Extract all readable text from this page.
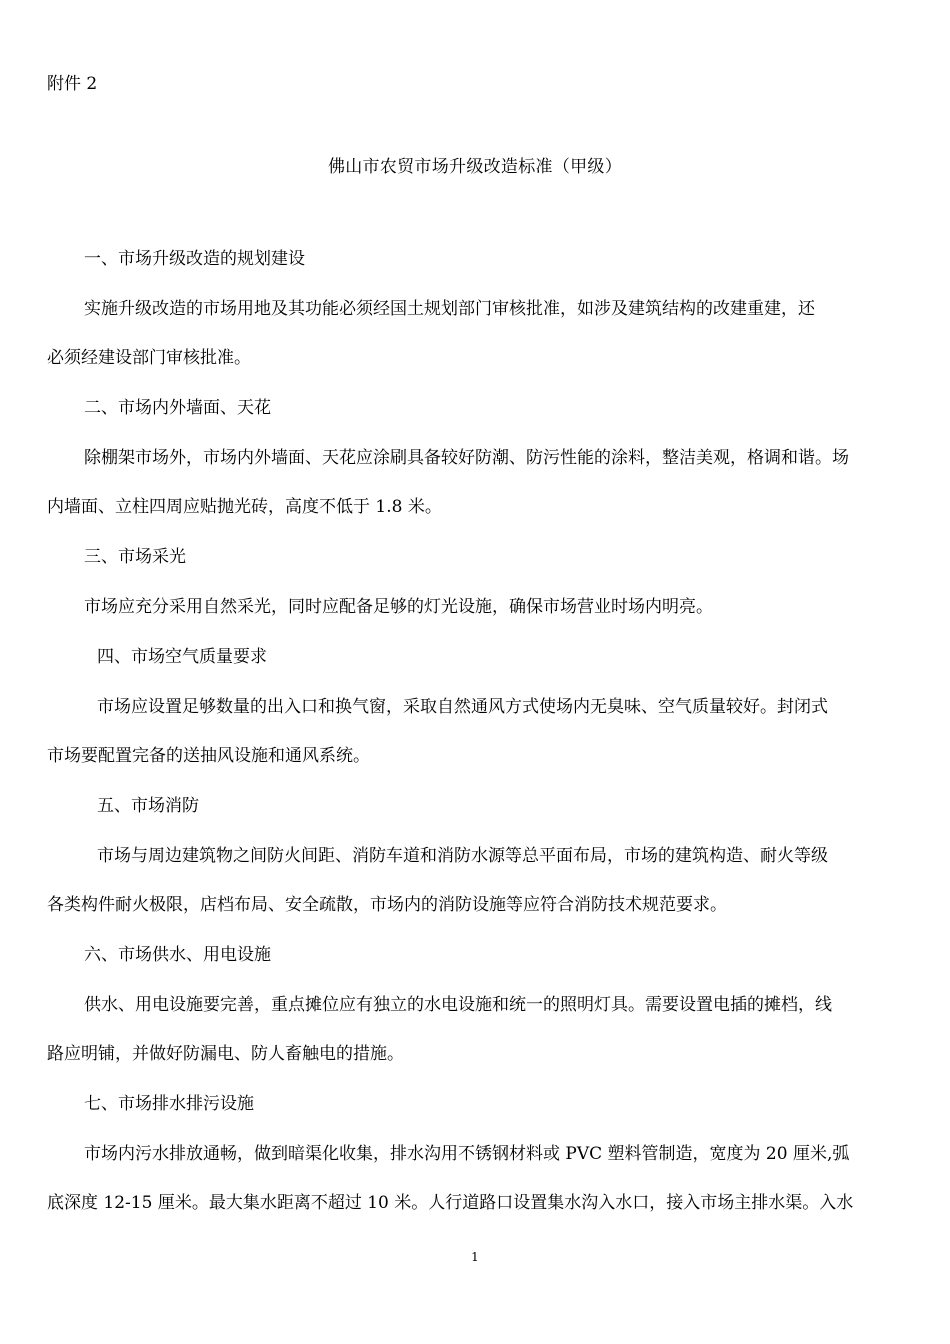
附件 2
佛山市农贸市场升级改造标准（甲级）
一、市场升级改造的规划建设
实施升级改造的市场用地及其功能必须经国土规划部门审核批准，如涉及建筑结构的改建重建，还
必须经建设部门审核批准。
二、市场内外墙面、天花
除棚架市场外，市场内外墙面、天花应涂刷具备较好防潮、防污性能的涂料，整洁美观，格调和谐。场
内墙面、立柱四周应贴抛光砖，高度不低于 1.8 米。
三、市场采光
市场应充分采用自然采光，同时应配备足够的灯光设施，确保市场营业时场内明亮。
四、市场空气质量要求
市场应设置足够数量的出入口和换气窗，采取自然通风方式使场内无臭味、空气质量较好。封闭式
市场要配置完备的送抽风设施和通风系统。
五、市场消防
市场与周边建筑物之间防火间距、消防车道和消防水源等总平面布局，市场的建筑构造、耐火等级
各类构件耐火极限，店档布局、安全疏散，市场内的消防设施等应符合消防技术规范要求。
六、市场供水、用电设施
供水、用电设施要完善，重点摊位应有独立的水电设施和统一的照明灯具。需要设置电插的摊档，线
路应明铺，并做好防漏电、防人畜触电的措施。
七、市场排水排污设施
市场内污水排放通畅，做到暗渠化收集，排水沟用不锈钢材料或 PVC 塑料管制造，宽度为 20 厘米,弧
底深度 12-15 厘米。最大集水距离不超过 10 米。人行道路口设置集水沟入水口，接入市场主排水渠。入水
1
